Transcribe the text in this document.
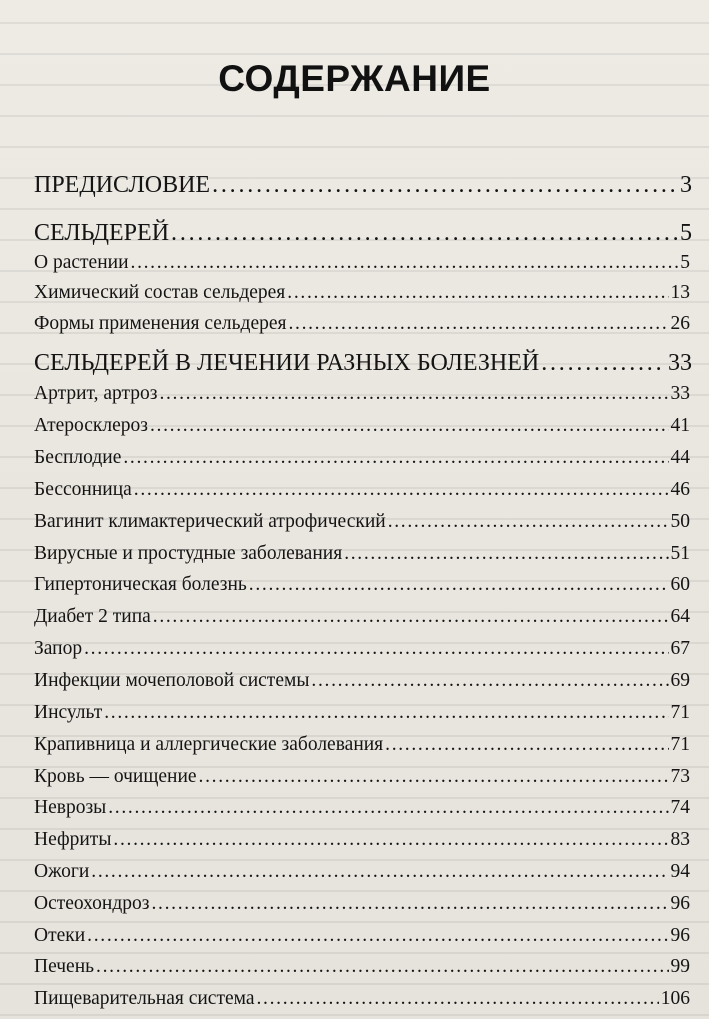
СОДЕРЖАНИЕ
ПРЕДИСЛОВИЕ . . .	3
СЕЛЬДЕРЕЙ . . .	5
О растении . . .	5
Химический состав сельдерея . . .	13
Формы применения сельдерея . . .	26
СЕЛЬДЕРЕЙ В ЛЕЧЕНИИ РАЗНЫХ БОЛЕЗНЕЙ . . .	33
Артрит, артроз . . .	33
Атеросклероз . . .	41
Бесплодие . . .	44
Бессонница . . .	46
Вагинит климактерический атрофический . . .	50
Вирусные и простудные заболевания . . .	51
Гипертоническая болезнь . . .	60
Диабет 2 типа . . .	64
Запор . . .	67
Инфекции мочеполовой системы . . .	69
Инсульт . . .	71
Крапивница и аллергические заболевания . . .	71
Кровь — очищение . . .	73
Неврозы . . .	74
Нефриты . . .	83
Ожоги . . .	94
Остеохондроз . . .	96
Отеки . . .	96
Печень . . .	99
Пищеварительная система . . .	106
